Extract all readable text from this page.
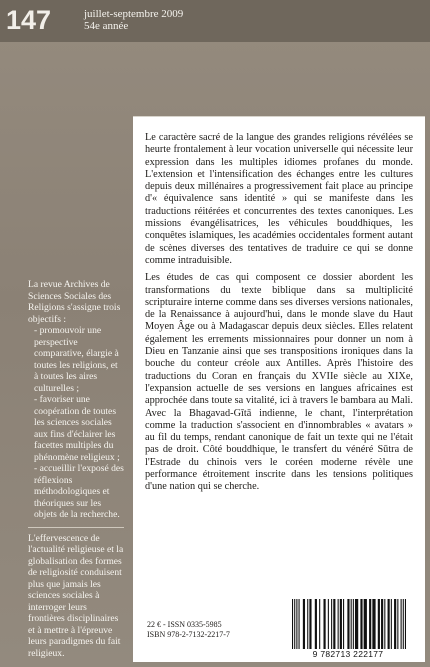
147	juillet-septembre 2009
54e année

La revue Archives de Sciences Sociales des Religions s'assigne trois objectifs :

- promouvoir une perspective comparative, élargie à toutes les religions, et à toutes les aires culturelles ;

- favoriser une coopération de toutes les sciences sociales aux fins d'éclairer les facettes multiples du phénomène religieux ;

- accueillir l'exposé des réflexions méthodologiques et théoriques sur les objets de la recherche.

L'effervescence de l'actualité religieuse et la globalisation des formes de religiosité conduisent plus que jamais les sciences sociales à interroger leurs frontières disciplinaires et à mettre à l'épreuve leurs paradigmes du fait religieux.

Le caractère sacré de la langue des grandes religions révélées se heurte frontalement à leur vocation universelle qui nécessite leur expression dans les multiples idiomes profanes du monde. L'extension et l'intensification des échanges entre les cultures depuis deux millénaires a progressivement fait place au principe d'« équivalence sans identité » qui se manifeste dans les traductions réitérées et concurrentes des textes canoniques. Les missions évangélisatrices, les véhicules bouddhiques, les conquêtes islamiques, les académies occidentales forment autant de scènes diverses des tentatives de traduire ce qui se donne comme intraduisible.

Les études de cas qui composent ce dossier abordent les transformations du texte biblique dans sa multiplicité scripturaire interne comme dans ses diverses versions nationales, de la Renaissance à aujourd'hui, dans le monde slave du Haut Moyen Âge ou à Madagascar depuis deux siècles. Elles relatent également les errements missionnaires pour donner un nom à Dieu en Tanzanie ainsi que ses transpositions ironiques dans la bouche du conteur créole aux Antilles. Après l'histoire des traductions du Coran en français du XVIIe siècle au XIXe, l'expansion actuelle de ses versions en langues africaines est approchée dans toute sa vitalité, ici à travers le bambara au Mali. Avec la Bhagavad-Gītā indienne, le chant, l'interprétation comme la traduction s'associent en d'innombrables « avatars » au fil du temps, rendant canonique de fait un texte qui ne l'était pas de droit. Côté bouddhique, le transfert du vénéré Sūtra de l'Estrade du chinois vers le coréen moderne révèle une performance étroitement inscrite dans les tensions politiques d'une nation qui se cherche.

22 € - ISSN 0335-5985
ISBN 978-2-7132-2217-7
9 782713 222177
